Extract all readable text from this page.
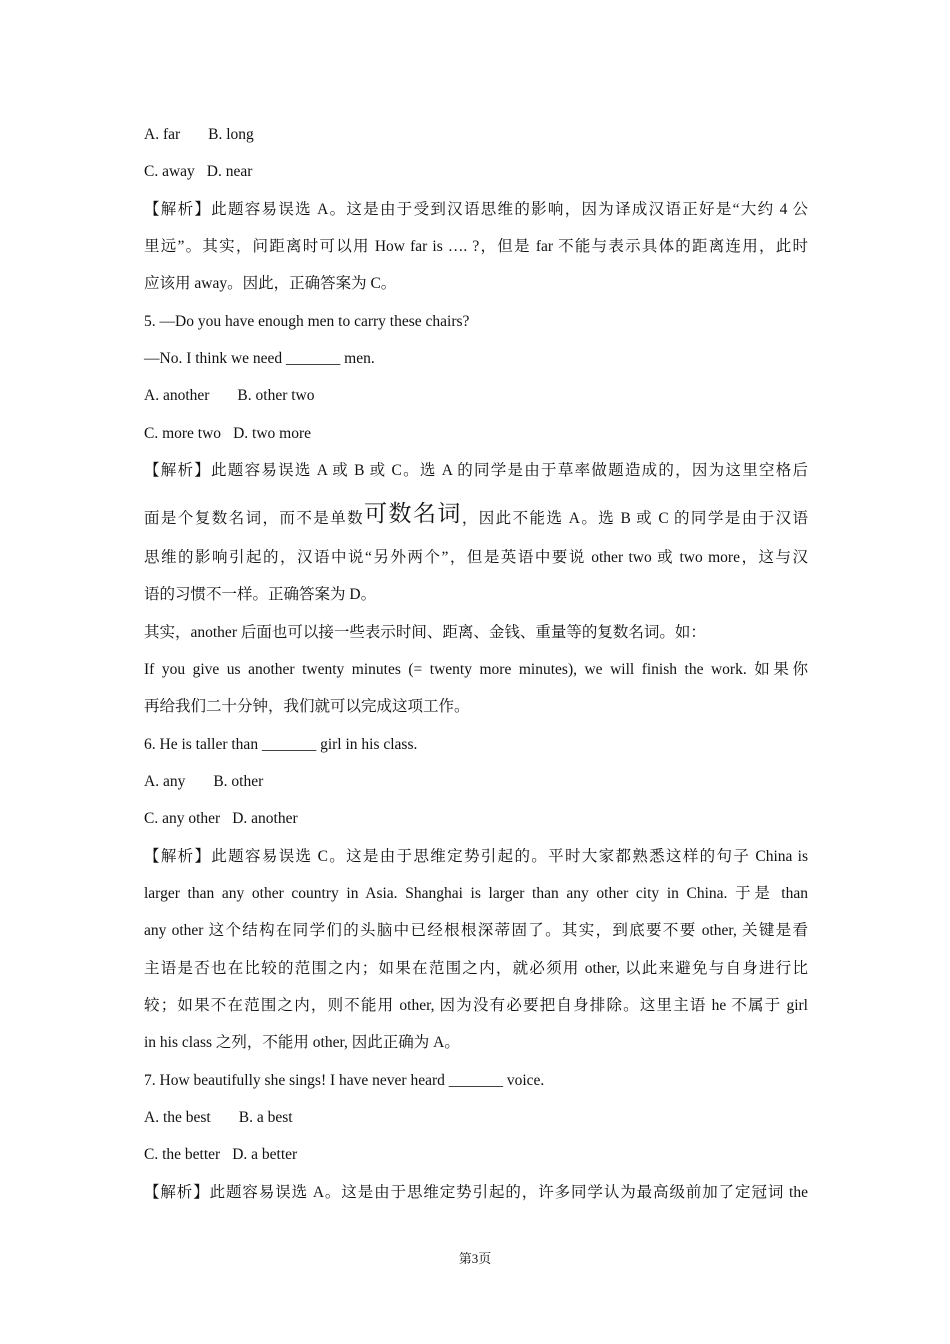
A. far B. long
C. away D. near
【解析】此题容易误选 A。这是由于受到汉语思维的影响，因为译成汉语正好是“大约 4 公
里远”。其实，问距离时可以用 How far is …. ?，但是 far 不能与表示具体的距离连用，此时
应该用 away。因此，正确答案为 C。
5. —Do you have enough men to carry these chairs?
—No. I think we need _______ men.
A. another B. other two
C. more two D. two more
【解析】此题容易误选 A 或 B 或 C。选 A 的同学是由于草率做题造成的，因为这里空格后
面是个复数名词，而不是单数可数名词，因此不能选 A。选 B 或 C 的同学是由于汉语
思维的影响引起的，汉语中说“另外两个”，但是英语中要说 other two 或 two more，这与汉
语的习惯不一样。正确答案为 D。
其实，another 后面也可以接一些表示时间、距离、金钱、重量等的复数名词。如：
If you give us another twenty minutes (= twenty more minutes), we will finish the work. 如果你
再给我们二十分钟，我们就可以完成这项工作。
6. He is taller than _______ girl in his class.
A. any B. other
C. any other D. another
【解析】此题容易误选 C。这是由于思维定势引起的。平时大家都熟悉这样的句子 China is
larger than any other country in Asia. Shanghai is larger than any other city in China. 于是 than
any other 这个结构在同学们的头脑中已经根根深蒂固了。其实，到底要不要 other, 关键是看
主语是否也在比较的范围之内；如果在范围之内，就必须用 other, 以此来避免与自身进行比
较；如果不在范围之内，则不能用 other, 因为没有必要把自身排除。这里主语 he 不属于 girl
in his class 之列，不能用 other, 因此正确为 A。
7. How beautifully she sings! I have never heard _______ voice.
A. the best B. a best
C. the better D. a better
【解析】此题容易误选 A。这是由于思维定势引起的，许多同学认为最高级前加了定冠词 the
第3页
